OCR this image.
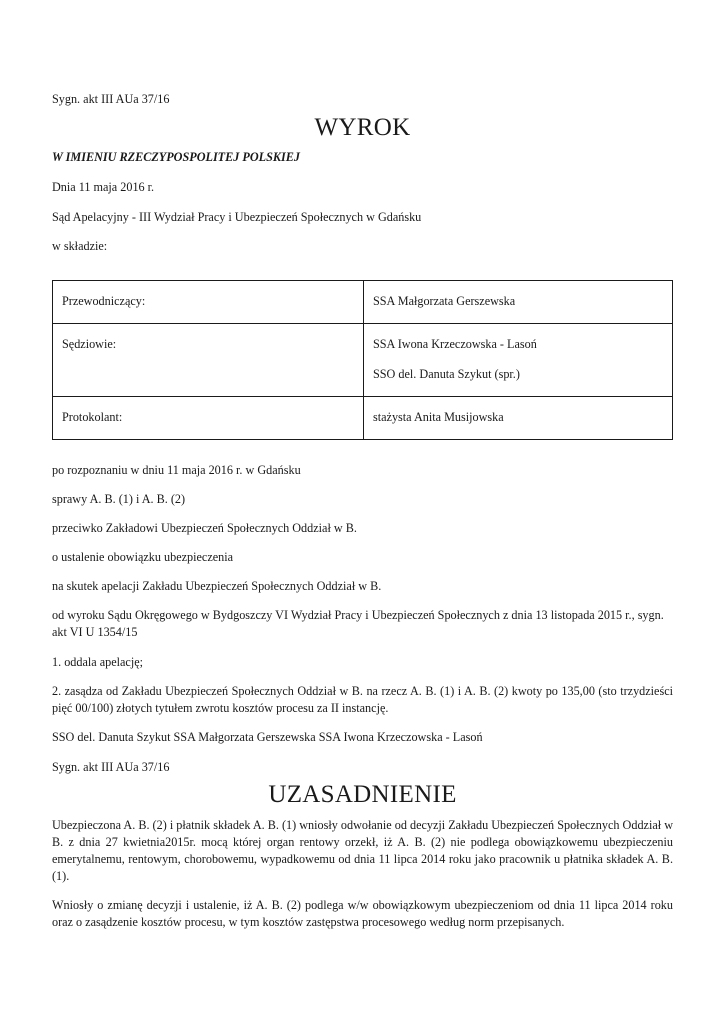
Sygn. akt III AUa 37/16

WYROK

W IMIENIU RZECZYPOSPOLITEJ POLSKIEJ

Dnia 11 maja 2016 r.

Sąd Apelacyjny - III Wydział Pracy i Ubezpieczeń Społecznych w Gdańsku

w składzie:

Przewodniczący:	SSA Małgorzata Gerszewska

Sędziowie:	SSA Iwona Krzeczowska - Lasoń
SSO del. Danuta Szykut (spr.)

Protokolant:	stażysta Anita Musijowska

po rozpoznaniu w dniu 11 maja 2016 r. w Gdańsku

sprawy A. B. (1) i A. B. (2)

przeciwko Zakładowi Ubezpieczeń Społecznych Oddział w B.

o ustalenie obowiązku ubezpieczenia

na skutek apelacji Zakładu Ubezpieczeń Społecznych Oddział w B.

od wyroku Sądu Okręgowego w Bydgoszczy VI Wydział Pracy i Ubezpieczeń Społecznych z dnia 13 listopada 2015 r., sygn. akt VI U 1354/15

1. oddala apelację;

2. zasądza od Zakładu Ubezpieczeń Społecznych Oddział w B. na rzecz A. B. (1) i A. B. (2) kwoty po 135,00 (sto trzydzieści pięć 00/100) złotych tytułem zwrotu kosztów procesu za II instancję.

SSO del. Danuta Szykut SSA Małgorzata Gerszewska SSA Iwona Krzeczowska - Lasoń

Sygn. akt III AUa 37/16

UZASADNIENIE

Ubezpieczona A. B. (2) i płatnik składek A. B. (1) wniosły odwołanie od decyzji Zakładu Ubezpieczeń Społecznych Oddział w B. z dnia 27 kwietnia2015r. mocą której organ rentowy orzekł, iż A. B. (2) nie podlega obowiązkowemu ubezpieczeniu emerytalnemu, rentowym, chorobowemu, wypadkowemu od dnia 11 lipca 2014 roku jako pracownik u płatnika składek A. B. (1).

Wniosły o zmianę decyzji i ustalenie, iż A. B. (2) podlega w/w obowiązkowym ubezpieczeniom od dnia 11 lipca 2014 roku oraz o zasądzenie kosztów procesu, w tym kosztów zastępstwa procesowego według norm przepisanych.
